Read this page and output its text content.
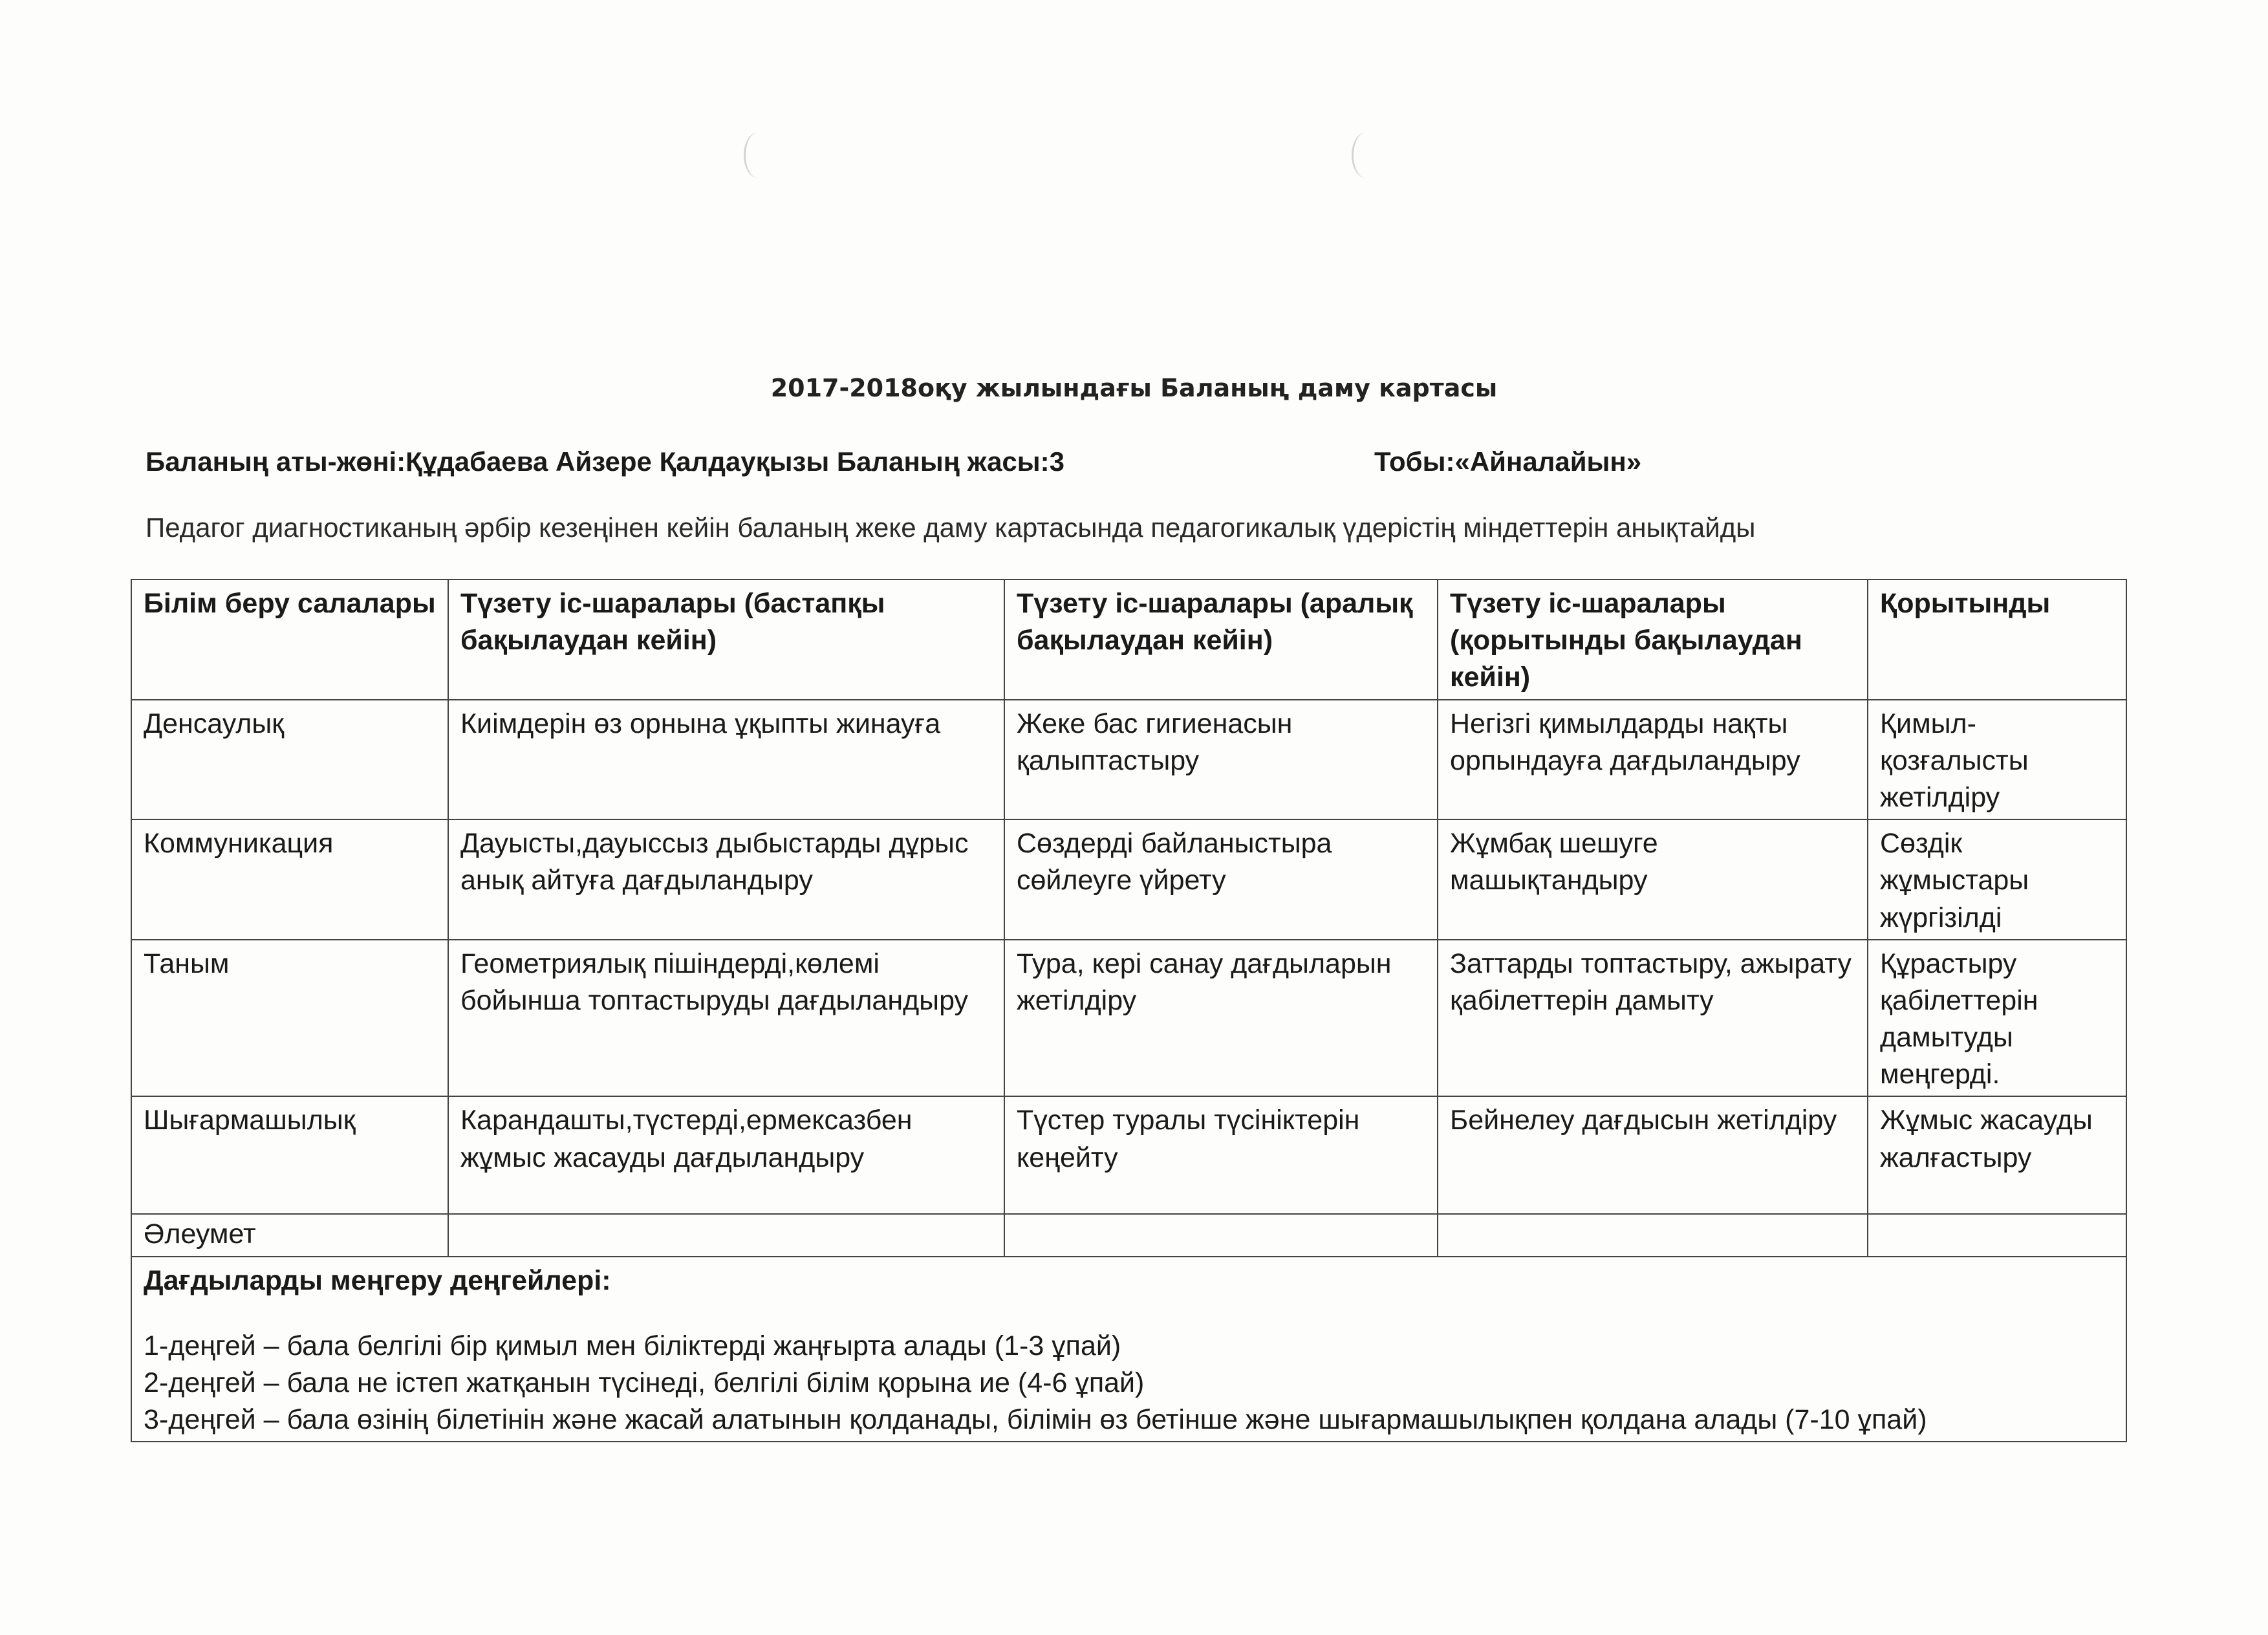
2017-2018оқу жылындағы Баланың даму картасы
Баланың аты-жөні:Құдабаева Айзере Қалдауқызы Баланың жасы:3	Тобы:«Айналайын»
Педагог диагностиканың әрбір кезеңінен кейін баланың жеке даму картасында педагогикалық үдерістің міндеттерін анықтайды
Білім беру салалары	Түзету іс-шаралары (бастапқы бақылаудан кейін)	Түзету іс-шаралары (аралық бақылаудан кейін)	Түзету іс-шаралары (қорытынды бақылаудан кейін)	Қорытынды
Денсаулық	Киімдерін өз орнына ұқыпты жинауға	Жеке бас гигиенасын қалыптастыру	Негізгі қимылдарды нақты орпындауға дағдыландыру	Қимыл-қозғалысты жетілдіру
Коммуникация	Дауысты,дауыссыз дыбыстарды дұрыс анық айтуға дағдыландыру	Сөздерді байланыстыра сөйлеуге үйрету	Жұмбақ шешуге машықтандыру	Сөздік жұмыстары жүргізілді
Таным	Геометриялық пішіндерді,көлемі бойынша топтастыруды дағдыландыру	Тура, кері санау дағдыларын жетілдіру	Заттарды топтастыру, ажырату қабілеттерін дамыту	Құрастыру қабілеттерін дамытуды меңгерді.
Шығармашылық	Карандашты,түстерді,ермексазбен жұмыс жасауды дағдыландыру	Түстер туралы түсініктерін кеңейту	Бейнелеу дағдысын жетілдіру	Жұмыс жасауды жалғастыру
Әлеумет				

Дағдыларды меңгеру деңгейлері:
1-деңгей – бала белгілі бір қимыл мен біліктерді жаңғырта алады (1-3 ұпай)
2-деңгей – бала не істеп жатқанын түсінеді, белгілі білім қорына ие (4-6 ұпай)
3-деңгей – бала өзінің білетінін және жасай алатынын қолданады, білімін өз бетінше және шығармашылықпен қолдана алады (7-10 ұпай)				
